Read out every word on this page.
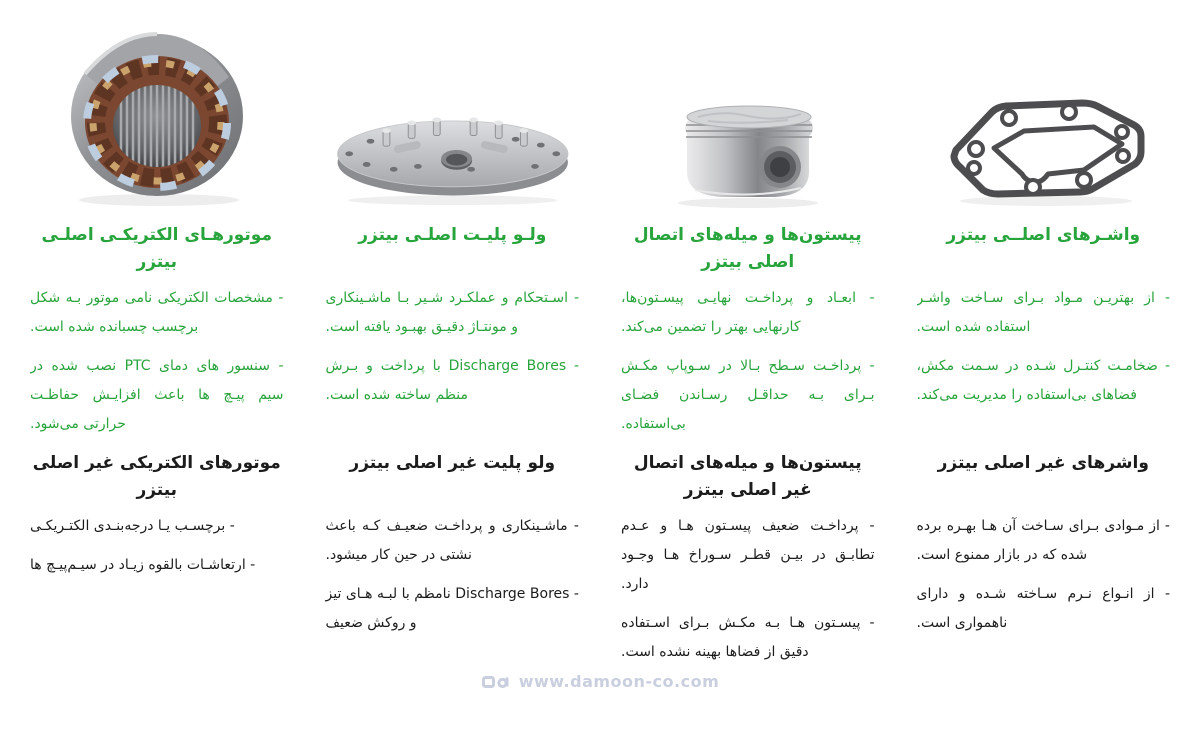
واشـرهای اصلــی بیتزر

- از بهتریـن مـواد بـرای سـاخت واشـر استفاده شده است.

- ضخامـت کنتـرل شـده در سـمت مکش، فضاهای بی‌استفاده را مدیریت می‌کند.

واشرهای غیر اصلی بیتزر

- از مـوادی بـرای سـاخت آن هـا بهـره برده شده که در بازار ممنوع است.

- از انـواع نـرم سـاخته شـده و دارای ناهمواری است.

پیستون‌ها و میله‌های اتصال اصلی بیتزر

- ابعـاد و پرداخـت نهایـی پیسـتون‌ها، کارنهایی بهتر را تضمین می‌کند.

- پرداخـت سـطح بـالا در سـوپاپ مکـش بـرای بـه حداقـل رسـاندن فضـای بی‌استفاده.

پیستون‌ها و میله‌های اتصال غیر اصلی بیتزر

- پرداخـت ضعیف پیسـتون هـا و عـدم تطابـق در بیـن قطـر سـوراخ هـا وجـود دارد.

- پیسـتون هـا بـه مکـش بـرای اسـتفاده دقیق از فضاها بهینه نشده است.

ولـو پلیـت اصلـی بیتزر

- اسـتحکام و عملکـرد شـیر بـا ماشـینکاری و مونتـاژ دقیـق بهبـود یافته است.

- Discharge Bores با پرداخت و بـرش منظم ساخته شده است.

ولو پلیت غیر اصلی بیتزر

- ماشـینکاری و پرداخـت ضعیـف کـه باعث نشتی در حین کار میشود.

- Discharge Bores نامظم با لبـه هـای تیز و روکش ضعیف

موتورهـای الکتریکـی اصلـی بیتزر

- مشخصات الکتریکی نامی موتور بـه شکل برچسب چسبانده شده است.

- سنسور های دمای PTC نصب شده در سیم پیـچ ها باعث افزایـش حفاظـت حرارتی می‌شود.

موتورهای الکتریکی غیر اصلی بیتزر

- برچسـب یـا درجه‌بنـدی الکتـریکـی

- ارتعاشـات بالقوه زیـاد در سیـم‌پیـچ ها

www.damoon-co.com
